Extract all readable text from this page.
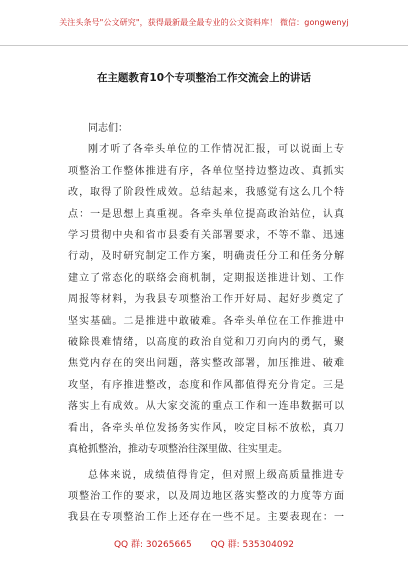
关注头条号"公文研究"，获得最新最全最专业的公文资料库！ 微信：gongwenyj
在主题教育10个专项整治工作交流会上的讲话

同志们：

刚才听了各牵头单位的工作情况汇报，可以说面上专
项整治工作整体推进有序，各单位坚持边整边改、真抓实
改，取得了阶段性成效。总结起来，我感觉有这么几个特
点：一是思想上真重视。各牵头单位提高政治站位，认真
学习贯彻中央和省市县委有关部署要求，不等不靠、迅速
行动，及时研究制定工作方案，明确责任分工和任务分解
建立了常态化的联络会商机制，定期报送推进计划、工作
周报等材料，为我县专项整治工作开好局、起好步奠定了
坚实基础。二是推进中敢破难。各牵头单位在工作推进中
破除畏难情绪，以高度的政治自觉和刀刃向内的勇气，聚
焦党内存在的突出问题，落实整改部署，加压推进、破难
攻坚，有序推进整改，态度和作风都值得充分肯定。三是
落实上有成效。从大家交流的重点工作和一连串数据可以
看出，各牵头单位发扬务实作风，咬定目标不放松，真刀
真枪抓整治，推动专项整治往深里做、往实里走。
总体来说，成绩值得肯定，但对照上级高质量推进专
项整治工作的要求，以及周边地区落实整改的力度等方面
我县在专项整治工作上还存在一些不足。主要表现在：一
QQ 群: 30265665 QQ 群: 535304092
